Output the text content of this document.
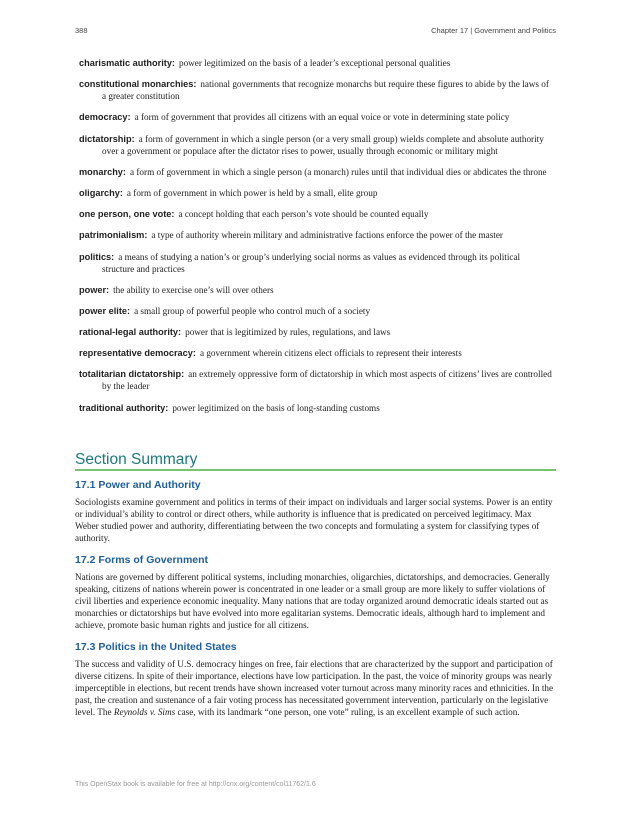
388	Chapter 17 | Government and Politics

charismatic authority: power legitimized on the basis of a leader’s exceptional personal qualities

constitutional monarchies: national governments that recognize monarchs but require these figures to abide by the laws of a greater constitution

democracy: a form of government that provides all citizens with an equal voice or vote in determining state policy

dictatorship: a form of government in which a single person (or a very small group) wields complete and absolute authority over a government or populace after the dictator rises to power, usually through economic or military might

monarchy: a form of government in which a single person (a monarch) rules until that individual dies or abdicates the throne

oligarchy: a form of government in which power is held by a small, elite group

one person, one vote: a concept holding that each person’s vote should be counted equally

patrimonialism: a type of authority wherein military and administrative factions enforce the power of the master

politics: a means of studying a nation’s or group’s underlying social norms as values as evidenced through its political structure and practices

power: the ability to exercise one’s will over others

power elite: a small group of powerful people who control much of a society

rational-legal authority: power that is legitimized by rules, regulations, and laws

representative democracy: a government wherein citizens elect officials to represent their interests

totalitarian dictatorship: an extremely oppressive form of dictatorship in which most aspects of citizens’ lives are controlled by the leader

traditional authority: power legitimized on the basis of long-standing customs

Section Summary
17.1 Power and Authority

Sociologists examine government and politics in terms of their impact on individuals and larger social systems. Power is an entity or individual’s ability to control or direct others, while authority is influence that is predicated on perceived legitimacy. Max Weber studied power and authority, differentiating between the two concepts and formulating a system for classifying types of authority.

17.2 Forms of Government

Nations are governed by different political systems, including monarchies, oligarchies, dictatorships, and democracies. Generally speaking, citizens of nations wherein power is concentrated in one leader or a small group are more likely to suffer violations of civil liberties and experience economic inequality. Many nations that are today organized around democratic ideals started out as monarchies or dictatorships but have evolved into more egalitarian systems. Democratic ideals, although hard to implement and achieve, promote basic human rights and justice for all citizens.

17.3 Politics in the United States

The success and validity of U.S. democracy hinges on free, fair elections that are characterized by the support and participation of diverse citizens. In spite of their importance, elections have low participation. In the past, the voice of minority groups was nearly imperceptible in elections, but recent trends have shown increased voter turnout across many minority races and ethnicities. In the past, the creation and sustenance of a fair voting process has necessitated government intervention, particularly on the legislative level. The Reynolds v. Sims case, with its landmark “one person, one vote” ruling, is an excellent example of such action.

This OpenStax book is available for free at http://cnx.org/content/col11762/1.6
